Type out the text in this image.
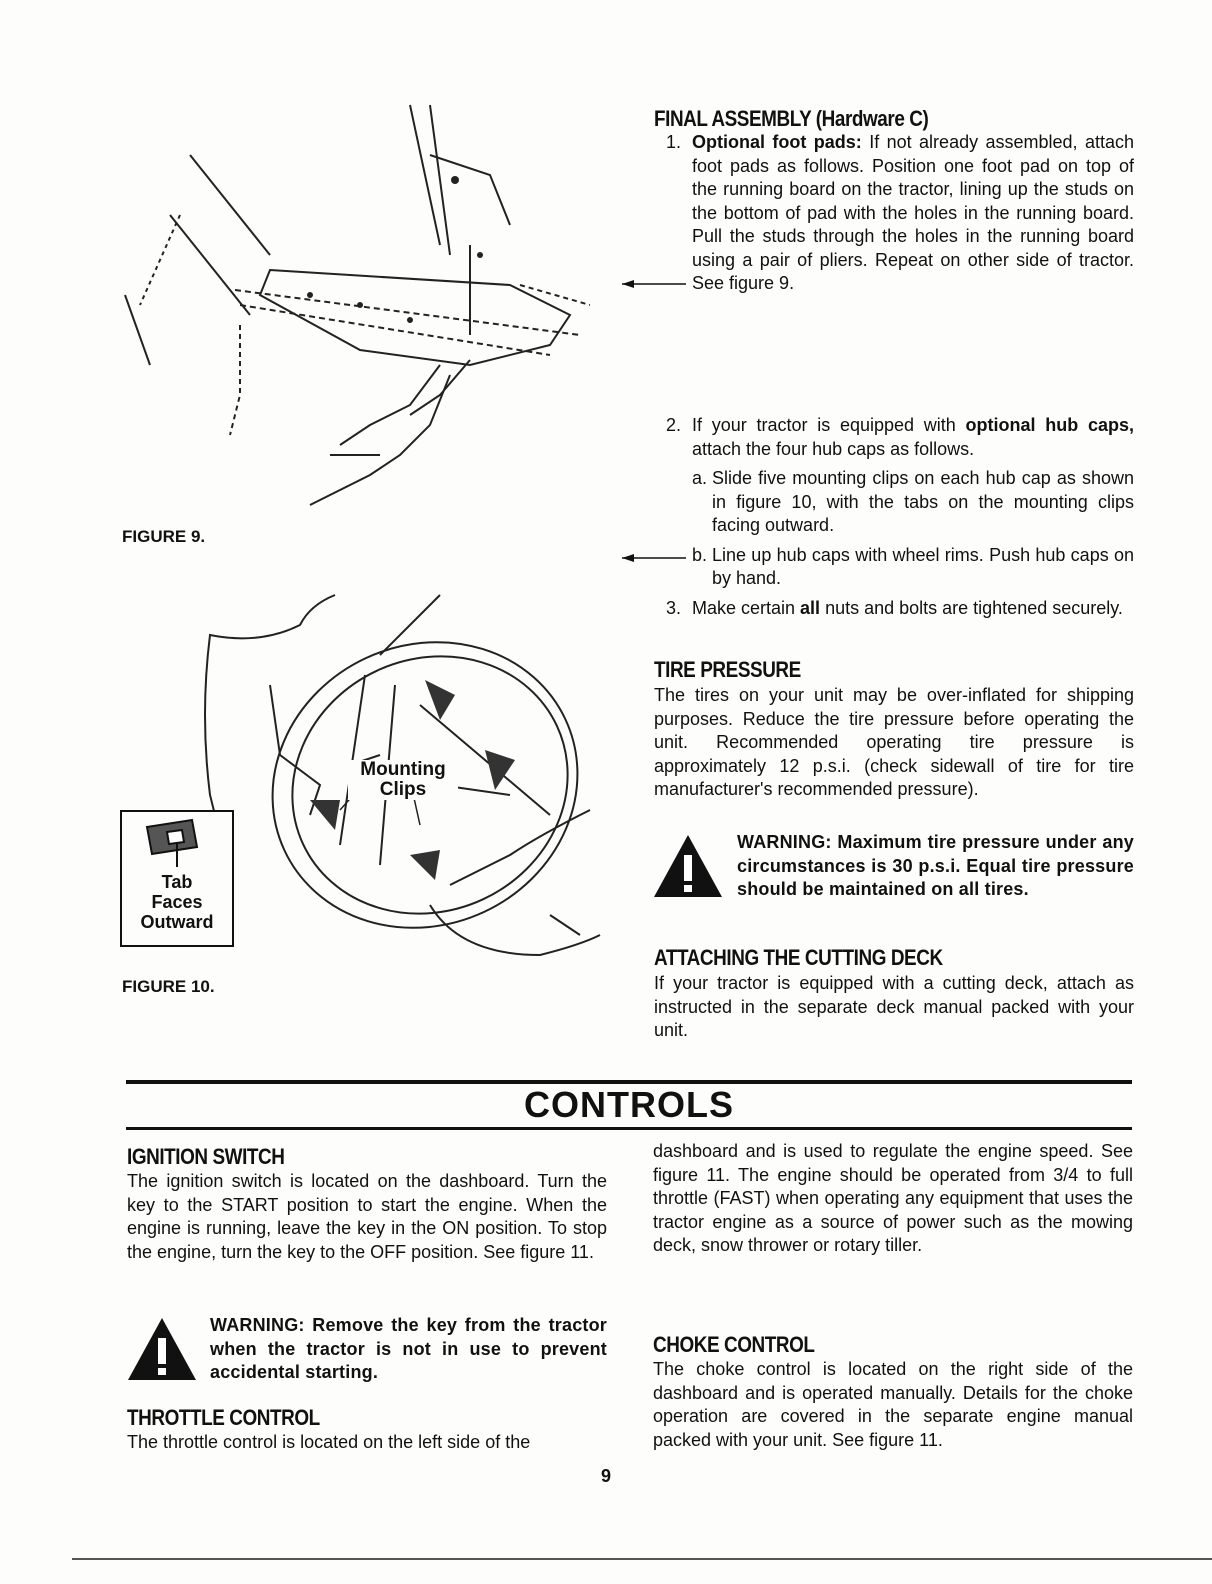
FIGURE 9.
Mounting
Clips
Tab
Faces
Outward
FIGURE 10.
FINAL ASSEMBLY (Hardware C)
1. Optional foot pads: If not already assembled, attach foot pads as follows. Position one foot pad on top of the running board on the tractor, lining up the studs on the bottom of pad with the holes in the running board. Pull the studs through the holes in the running board using a pair of pliers. Repeat on other side of tractor. See figure 9.
2. If your tractor is equipped with optional hub caps, attach the four hub caps as follows.
a. Slide five mounting clips on each hub cap as shown in figure 10, with the tabs on the mounting clips facing outward.
b. Line up hub caps with wheel rims. Push hub caps on by hand.
3. Make certain all nuts and bolts are tightened securely.
TIRE PRESSURE
The tires on your unit may be over-inflated for shipping purposes. Reduce the tire pressure before operating the unit. Recommended operating tire pressure is approximately 12 p.s.i. (check sidewall of tire for tire manufacturer's recommended pressure).
WARNING: Maximum tire pressure under any circumstances is 30 p.s.i. Equal tire pressure should be maintained on all tires.
ATTACHING THE CUTTING DECK
If your tractor is equipped with a cutting deck, attach as instructed in the separate deck manual packed with your unit.
CONTROLS
IGNITION SWITCH
The ignition switch is located on the dashboard. Turn the key to the START position to start the engine. When the engine is running, leave the key in the ON position. To stop the engine, turn the key to the OFF position. See figure 11.
WARNING: Remove the key from the tractor when the tractor is not in use to prevent accidental starting.
THROTTLE CONTROL
The throttle control is located on the left side of the
dashboard and is used to regulate the engine speed. See figure 11. The engine should be operated from 3/4 to full throttle (FAST) when operating any equipment that uses the tractor engine as a source of power such as the mowing deck, snow thrower or rotary tiller.
CHOKE CONTROL
The choke control is located on the right side of the dashboard and is operated manually. Details for the choke operation are covered in the separate engine manual packed with your unit. See figure 11.
9
